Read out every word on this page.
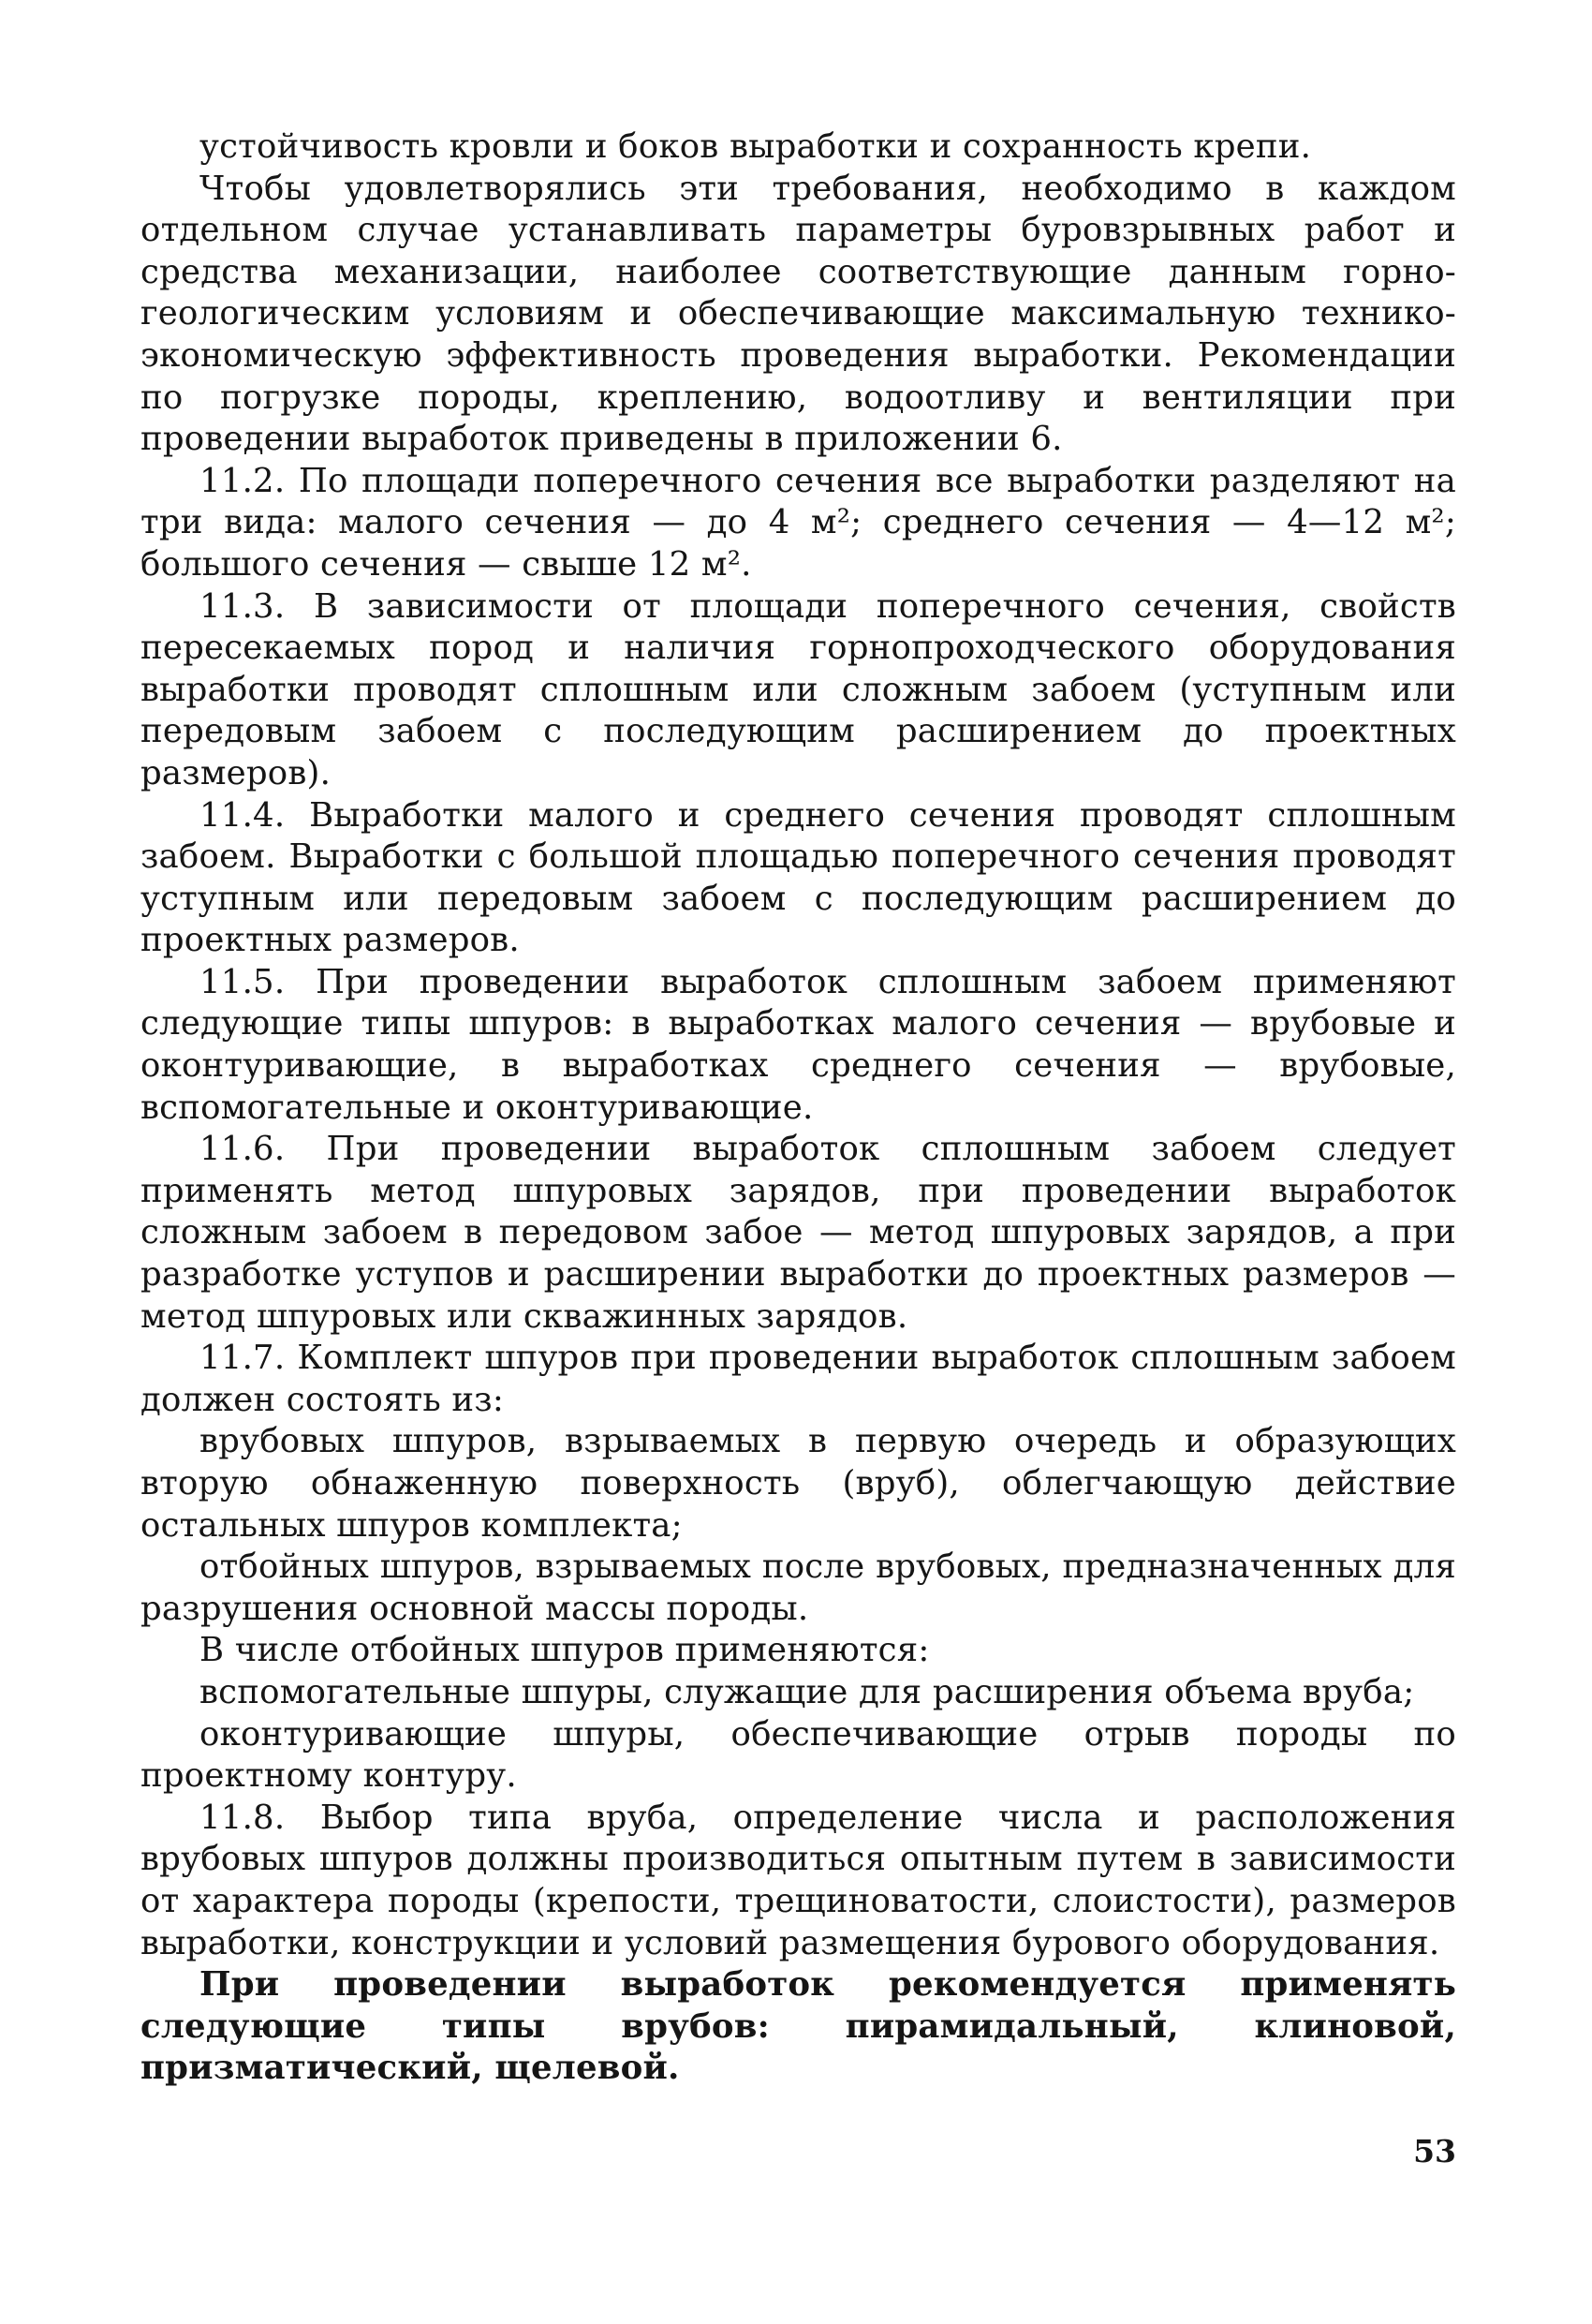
устойчивость кровли и боков выработки и сохранность крепи.

Чтобы удовлетворялись эти требования, необходимо в каждом отдельном случае устанавливать параметры буровзрывных работ и средства механизации, наиболее соответствующие данным горно-геологическим условиям и обеспечивающие максимальную технико-экономическую эффективность проведения выработки. Рекомендации по погрузке породы, креплению, водоотливу и вентиляции при проведении выработок приведены в приложении 6.

11.2. По площади поперечного сечения все выработки разделяют на три вида: малого сечения — до 4 м²; среднего сечения — 4—12 м²; большого сечения — свыше 12 м².

11.3. В зависимости от площади поперечного сечения, свойств пересекаемых пород и наличия горнопроходческого оборудования выработки проводят сплошным или сложным забоем (уступным или передовым забоем с последующим расширением до проектных размеров).

11.4. Выработки малого и среднего сечения проводят сплошным забоем. Выработки с большой площадью поперечного сечения проводят уступным или передовым забоем с последующим расширением до проектных размеров.

11.5. При проведении выработок сплошным забоем применяют следующие типы шпуров: в выработках малого сечения — врубовые и оконтуривающие, в выработках среднего сечения — врубовые, вспомогательные и оконтуривающие.

11.6. При проведении выработок сплошным забоем следует применять метод шпуровых зарядов, при проведении выработок сложным забоем в передовом забое — метод шпуровых зарядов, а при разработке уступов и расширении выработки до проектных размеров — метод шпуровых или скважинных зарядов.

11.7. Комплект шпуров при проведении выработок сплошным забоем должен состоять из:

врубовых шпуров, взрываемых в первую очередь и образующих вторую обнаженную поверхность (вруб), облегчающую действие остальных шпуров комплекта;

отбойных шпуров, взрываемых после врубовых, предназначенных для разрушения основной массы породы.

В числе отбойных шпуров применяются:

вспомогательные шпуры, служащие для расширения объема вруба;

оконтуривающие шпуры, обеспечивающие отрыв породы по проектному контуру.

11.8. Выбор типа вруба, определение числа и расположения врубовых шпуров должны производиться опытным путем в зависимости от характера породы (крепости, трещиноватости, слоистости), размеров выработки, конструкции и условий размещения бурового оборудования.

При проведении выработок рекомендуется применять следующие типы врубов: пирамидальный, клиновой, призматический, щелевой.

53
